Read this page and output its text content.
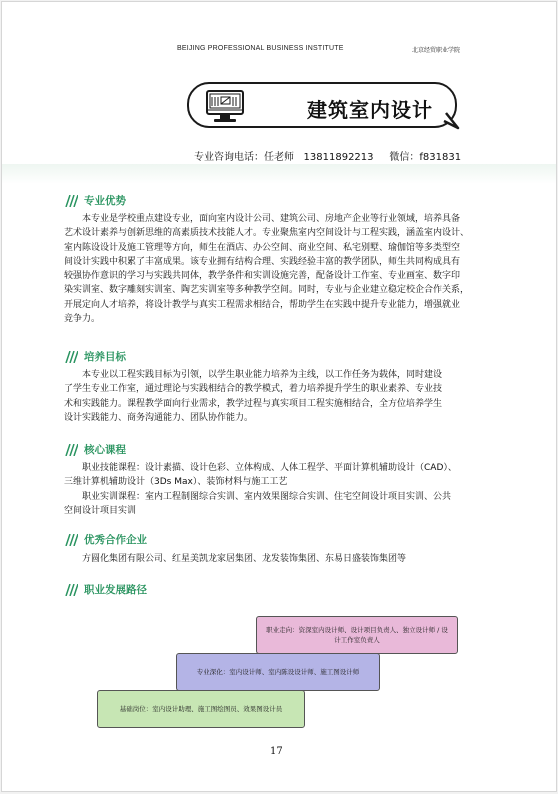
BEIJING PROFESSIONAL BUSINESS INSTITUTE	北京经贸职业学院
建筑室内设计
专业咨询电话：任老师   13811892213     微信：f831831
专业优势
本专业是学校重点建设专业，面向室内设计公司、建筑公司、房地产企业等行业领域，培养具备
艺术设计素养与创新思维的高素质技术技能人才。专业聚焦室内空间设计与工程实践，涵盖室内设计、
室内陈设设计及施工管理等方向，师生在酒店、办公空间、商业空间、私宅别墅、瑜伽馆等多类型空
间设计实践中积累了丰富成果。该专业拥有结构合理、实践经验丰富的教学团队，师生共同构成具有
较强协作意识的学习与实践共同体，教学条件和实训设施完善，配备设计工作室、专业画室、数字印
染实训室、数字雕刻实训室、陶艺实训室等多种教学空间。同时，专业与企业建立稳定校企合作关系，
开展定向人才培养，将设计教学与真实工程需求相结合，帮助学生在实践中提升专业能力，增强就业
竞争力。
培养目标
本专业以工程实践目标为引领，以学生职业能力培养为主线，以工作任务为载体，同时建设
了学生专业工作室，通过理论与实践相结合的教学模式，着力培养提升学生的职业素养、专业技
术和实践能力。课程教学面向行业需求，教学过程与真实项目工程实施相结合，全方位培养学生
设计实践能力、商务沟通能力、团队协作能力。
核心课程
职业技能课程：设计素描、设计色彩、立体构成、人体工程学、平面计算机辅助设计（CAD）、
三维计算机辅助设计（3Ds Max）、装饰材料与施工工艺
职业实训课程：室内工程制图综合实训、室内效果图综合实训、住宅空间设计项目实训、公共
空间设计项目实训
优秀合作企业
方圆化集团有限公司、红星美凯龙家居集团、龙发装饰集团、东易日盛装饰集团等
职业发展路径
职业走向：资深室内设计师、设计项目负责人、独立设计师 / 设计工作室负责人
专业深化：室内设计师、室内陈设设计师、施工图设计师
基础岗位：室内设计助理、施工图绘图员、效果图设计员
17
